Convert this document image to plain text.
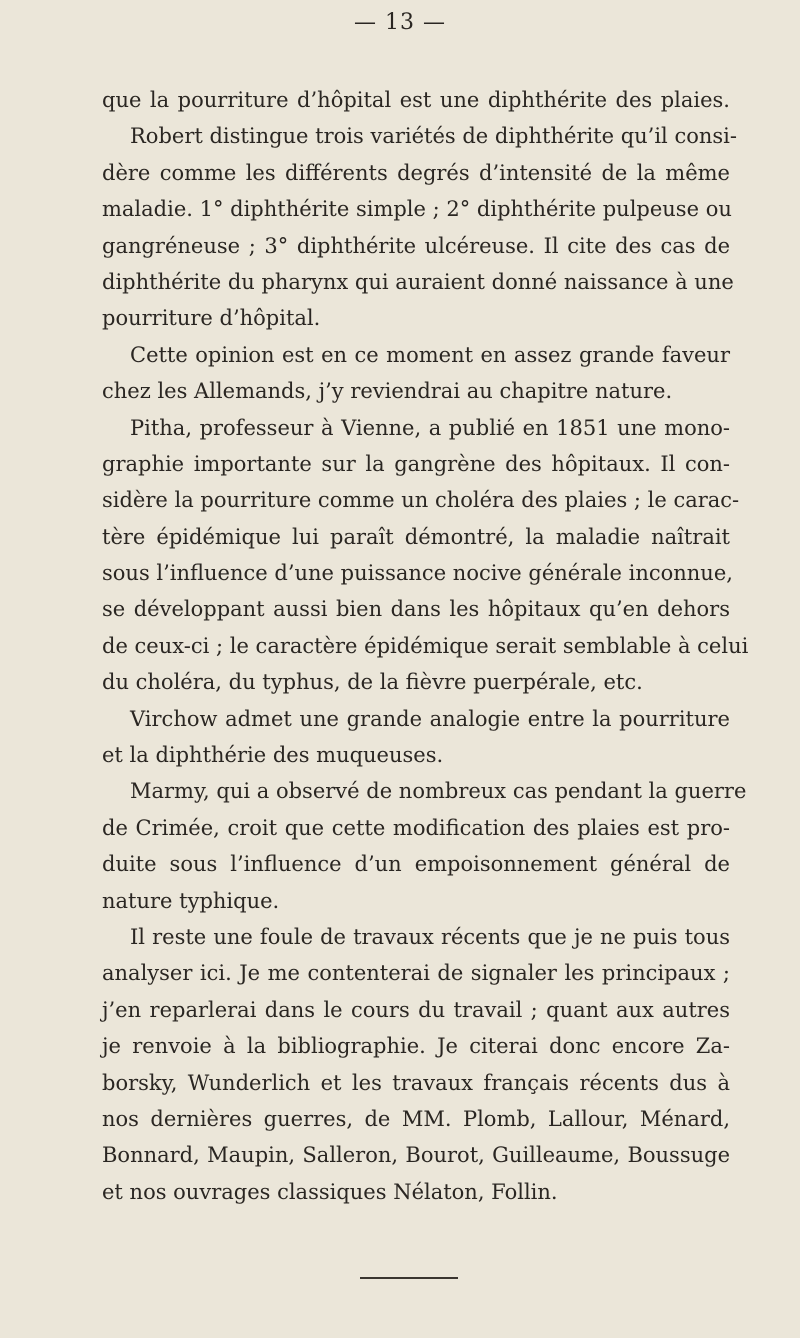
— 13 —
que la pourriture d’hôpital est une diphthérite des plaies.
Robert distingue trois variétés de diphthérite qu’il consi-
dère comme les différents degrés d’intensité de la même
maladie. 1° diphthérite simple ; 2° diphthérite pulpeuse ou
gangréneuse ; 3° diphthérite ulcéreuse. Il cite des cas de
diphthérite du pharynx qui auraient donné naissance à une
pourriture d’hôpital.
Cette opinion est en ce moment en assez grande faveur
chez les Allemands, j’y reviendrai au chapitre nature.
Pitha, professeur à Vienne, a publié en 1851 une mono-
graphie importante sur la gangrène des hôpitaux. Il con-
sidère la pourriture comme un choléra des plaies ; le carac-
tère épidémique lui paraît démontré, la maladie naîtrait
sous l’influence d’une puissance nocive générale inconnue,
se développant aussi bien dans les hôpitaux qu’en dehors
de ceux-ci ; le caractère épidémique serait semblable à celui
du choléra, du typhus, de la fièvre puerpérale, etc.
Virchow admet une grande analogie entre la pourriture
et la diphthérie des muqueuses.
Marmy, qui a observé de nombreux cas pendant la guerre
de Crimée, croit que cette modification des plaies est pro-
duite sous l’influence d’un empoisonnement général de
nature typhique.
Il reste une foule de travaux récents que je ne puis tous
analyser ici. Je me contenterai de signaler les principaux ;
j’en reparlerai dans le cours du travail ; quant aux autres
je renvoie à la bibliographie. Je citerai donc encore Za-
borsky, Wunderlich et les travaux français récents dus à
nos dernières guerres, de MM. Plomb, Lallour, Ménard,
Bonnard, Maupin, Salleron, Bourot, Guilleaume, Boussuge
et nos ouvrages classiques Nélaton, Follin.
